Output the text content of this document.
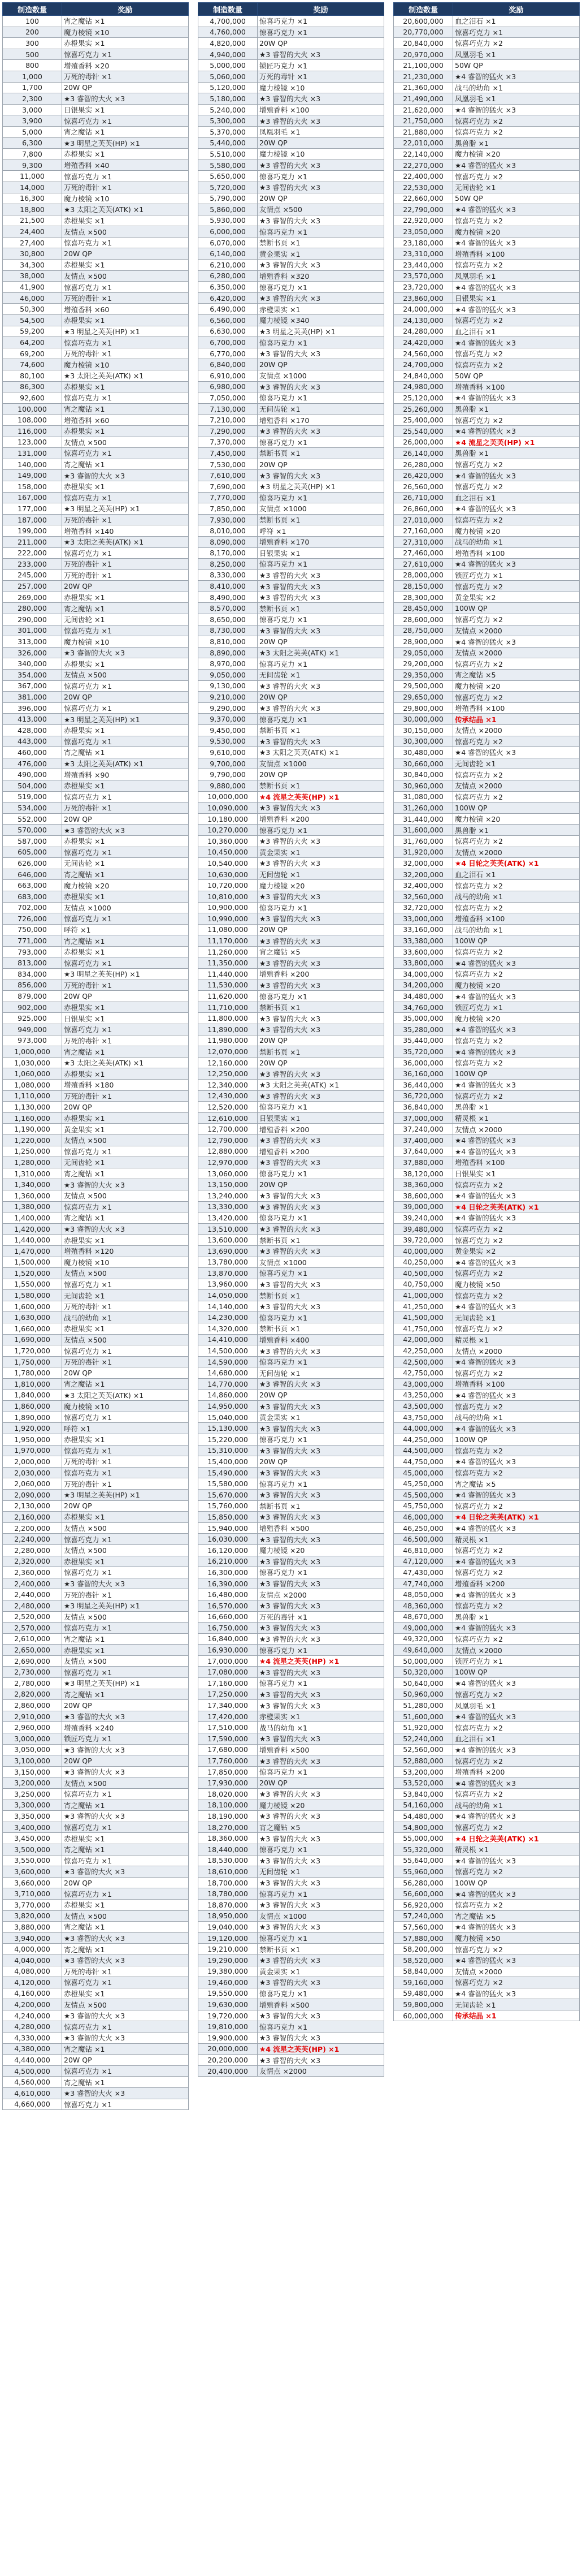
制造数量	奖励
100	宵之魔钻 ×1
200	魔力棱镜 ×10
300	赤橙果实 ×1
500	惊喜巧克力 ×1
800	增殖香料 ×20
1,000	万死的毒针 ×1
1,700	20W QP
2,300	★3 睿智的大火 ×3
3,000	日银果实 ×1
3,900	惊喜巧克力 ×1
5,000	宵之魔钻 ×1
6,300	★3 明星之芙芙(HP) ×1
7,800	赤橙果实 ×1
9,300	增殖香料 ×40
11,000	惊喜巧克力 ×1
14,000	万死的毒针 ×1
16,300	魔力棱镜 ×10
18,800	★3 太阳之芙芙(ATK) ×1
21,500	赤橙果实 ×1
24,400	友情点 ×500
27,400	惊喜巧克力 ×1
30,800	20W QP
34,300	赤橙果实 ×1
38,000	友情点 ×500
41,900	惊喜巧克力 ×1
46,000	万死的毒针 ×1
50,300	增殖香料 ×60
54,500	赤橙果实 ×1
59,200	★3 明星之芙芙(HP) ×1
64,200	惊喜巧克力 ×1
69,200	万死的毒针 ×1
74,600	魔力棱镜 ×10
80,100	★3 太阳之芙芙(ATK) ×1
86,300	赤橙果实 ×1
92,600	惊喜巧克力 ×1
100,000	宵之魔钻 ×1
108,000	增殖香料 ×60
116,000	赤橙果实 ×1
123,000	友情点 ×500
131,000	惊喜巧克力 ×1
140,000	宵之魔钻 ×1
149,000	★3 睿智的大火 ×3
158,000	赤橙果实 ×1
167,000	惊喜巧克力 ×1
177,000	★3 明星之芙芙(HP) ×1
187,000	万死的毒针 ×1
199,000	增殖香料 ×140
211,000	★3 太阳之芙芙(ATK) ×1
222,000	惊喜巧克力 ×1
233,000	万死的毒针 ×1
245,000	万死的毒针 ×1
257,000	20W QP
269,000	赤橙果实 ×1
280,000	宵之魔钻 ×1
290,000	无间齿轮 ×1
301,000	惊喜巧克力 ×1
313,000	魔力棱镜 ×10
326,000	★3 睿智的大火 ×3
340,000	赤橙果实 ×1
354,000	友情点 ×500
367,000	惊喜巧克力 ×1
381,000	20W QP
396,000	惊喜巧克力 ×1
413,000	★3 明星之芙芙(HP) ×1
428,000	赤橙果实 ×1
443,000	惊喜巧克力 ×1
460,000	宵之魔钻 ×1
476,000	★3 太阳之芙芙(ATK) ×1
490,000	增殖香料 ×90
504,000	赤橙果实 ×1
519,000	惊喜巧克力 ×1
534,000	万死的毒针 ×1
552,000	20W QP
570,000	★3 睿智的大火 ×3
587,000	赤橙果实 ×1
605,000	惊喜巧克力 ×1
626,000	无间齿轮 ×1
646,000	宵之魔钻 ×1
663,000	魔力棱镜 ×20
683,000	赤橙果实 ×1
702,000	友情点 ×1000
726,000	惊喜巧克力 ×1
750,000	呼符 ×1
771,000	宵之魔钻 ×1
793,000	赤橙果实 ×1
813,000	惊喜巧克力 ×1
834,000	★3 明星之芙芙(HP) ×1
856,000	万死的毒针 ×1
879,000	20W QP
902,000	赤橙果实 ×1
925,000	日银果实 ×1
949,000	惊喜巧克力 ×1
973,000	万死的毒针 ×1
1,000,000	宵之魔钻 ×1
1,030,000	★3 太阳之芙芙(ATK) ×1
1,060,000	赤橙果实 ×1
1,080,000	增殖香料 ×180
1,110,000	万死的毒针 ×1
1,130,000	20W QP
1,160,000	赤橙果实 ×1
1,190,000	黄金果实 ×1
1,220,000	友情点 ×500
1,250,000	惊喜巧克力 ×1
1,280,000	无间齿轮 ×1
1,310,000	宵之魔钻 ×1
1,340,000	★3 睿智的大火 ×3
1,360,000	友情点 ×500
1,380,000	惊喜巧克力 ×1
1,400,000	宵之魔钻 ×1
1,420,000	★3 睿智的大火 ×3
1,440,000	赤橙果实 ×1
1,470,000	增殖香料 ×120
1,500,000	魔力棱镜 ×10
1,520,000	友情点 ×500
1,550,000	惊喜巧克力 ×1
1,580,000	无间齿轮 ×1
1,600,000	万死的毒针 ×1
1,630,000	战马的幼角 ×1
1,660,000	赤橙果实 ×1
1,690,000	友情点 ×500
1,720,000	惊喜巧克力 ×1
1,750,000	万死的毒针 ×1
1,780,000	20W QP
1,810,000	宵之魔钻 ×1
1,840,000	★3 太阳之芙芙(ATK) ×1
1,860,000	魔力棱镜 ×10
1,890,000	惊喜巧克力 ×1
1,920,000	呼符 ×1
1,950,000	赤橙果实 ×1
1,970,000	惊喜巧克力 ×1
2,000,000	万死的毒针 ×1
2,030,000	惊喜巧克力 ×1
2,060,000	万死的毒针 ×1
2,090,000	★3 明星之芙芙(HP) ×1
2,130,000	20W QP
2,160,000	赤橙果实 ×1
2,200,000	友情点 ×500
2,240,000	惊喜巧克力 ×1
2,280,000	友情点 ×500
2,320,000	赤橙果实 ×1
2,360,000	惊喜巧克力 ×1
2,400,000	★3 睿智的大火 ×3
2,440,000	万死的毒针 ×1
2,480,000	★3 明星之芙芙(HP) ×1
2,520,000	友情点 ×500
2,570,000	惊喜巧克力 ×1
2,610,000	宵之魔钻 ×1
2,650,000	赤橙果实 ×1
2,690,000	友情点 ×500
2,730,000	惊喜巧克力 ×1
2,780,000	★3 明星之芙芙(HP) ×1
2,820,000	宵之魔钻 ×1
2,860,000	20W QP
2,910,000	★3 睿智的大火 ×3
2,960,000	增殖香料 ×240
3,000,000	锁匠巧克力 ×1
3,050,000	★3 睿智的大火 ×3
3,100,000	20W QP
3,150,000	★3 睿智的大火 ×3
3,200,000	友情点 ×500
3,250,000	惊喜巧克力 ×1
3,300,000	宵之魔钻 ×1
3,350,000	★3 睿智的大火 ×3
3,400,000	惊喜巧克力 ×1
3,450,000	赤橙果实 ×1
3,500,000	宵之魔钻 ×1
3,550,000	惊喜巧克力 ×1
3,600,000	★3 睿智的大火 ×3
3,660,000	20W QP
3,710,000	惊喜巧克力 ×1
3,770,000	赤橙果实 ×1
3,820,000	友情点 ×500
3,880,000	宵之魔钻 ×1
3,940,000	★3 睿智的大火 ×3
4,000,000	宵之魔钻 ×1
4,040,000	★3 睿智的大火 ×3
4,080,000	万死的毒针 ×1
4,120,000	惊喜巧克力 ×1
4,160,000	赤橙果实 ×1
4,200,000	友情点 ×500
4,240,000	★3 睿智的大火 ×3
4,280,000	惊喜巧克力 ×1
4,330,000	★3 睿智的大火 ×3
4,380,000	宵之魔钻 ×1
4,440,000	20W QP
4,500,000	惊喜巧克力 ×1
4,560,000	宵之魔钻 ×1
4,610,000	★3 睿智的大火 ×3
4,660,000	惊喜巧克力 ×1
制造数量	奖励
4,700,000	惊喜巧克力 ×1
4,760,000	惊喜巧克力 ×1
4,820,000	20W QP
4,940,000	★3 睿智的大火 ×3
5,000,000	锁匠巧克力 ×1
5,060,000	万死的毒针 ×1
5,120,000	魔力棱镜 ×10
5,180,000	★3 睿智的大火 ×3
5,240,000	增殖香料 ×100
5,300,000	★3 睿智的大火 ×3
5,370,000	凤凰羽毛 ×1
5,440,000	20W QP
5,510,000	魔力棱镜 ×10
5,580,000	★3 睿智的大火 ×3
5,650,000	惊喜巧克力 ×1
5,720,000	★3 睿智的大火 ×3
5,790,000	20W QP
5,860,000	友情点 ×500
5,930,000	★3 睿智的大火 ×3
6,000,000	惊喜巧克力 ×1
6,070,000	禁断书页 ×1
6,140,000	黄金果实 ×1
6,210,000	★3 睿智的大火 ×3
6,280,000	增殖香料 ×320
6,350,000	惊喜巧克力 ×1
6,420,000	★3 睿智的大火 ×3
6,490,000	赤橙果实 ×1
6,560,000	魔力棱镜 ×340
6,630,000	★3 明星之芙芙(HP) ×1
6,700,000	惊喜巧克力 ×1
6,770,000	★3 睿智的大火 ×3
6,840,000	20W QP
6,910,000	友情点 ×1000
6,980,000	★3 睿智的大火 ×3
7,050,000	惊喜巧克力 ×1
7,130,000	无间齿轮 ×1
7,210,000	增殖香料 ×170
7,290,000	★3 睿智的大火 ×3
7,370,000	惊喜巧克力 ×1
7,450,000	禁断书页 ×1
7,530,000	20W QP
7,610,000	★3 睿智的大火 ×3
7,690,000	★3 明星之芙芙(HP) ×1
7,770,000	惊喜巧克力 ×1
7,850,000	友情点 ×1000
7,930,000	禁断书页 ×1
8,010,000	呼符 ×1
8,090,000	增殖香料 ×170
8,170,000	日银果实 ×1
8,250,000	惊喜巧克力 ×1
8,330,000	★3 睿智的大火 ×3
8,410,000	★3 睿智的大火 ×3
8,490,000	★3 睿智的大火 ×3
8,570,000	禁断书页 ×1
8,650,000	惊喜巧克力 ×1
8,730,000	★3 睿智的大火 ×3
8,810,000	20W QP
8,890,000	★3 太阳之芙芙(ATK) ×1
8,970,000	惊喜巧克力 ×1
9,050,000	无间齿轮 ×1
9,130,000	★3 睿智的大火 ×3
9,210,000	20W QP
9,290,000	★3 睿智的大火 ×3
9,370,000	惊喜巧克力 ×1
9,450,000	禁断书页 ×1
9,530,000	★3 睿智的大火 ×3
9,610,000	★3 太阳之芙芙(ATK) ×1
9,700,000	友情点 ×1000
9,790,000	20W QP
9,880,000	禁断书页 ×1
10,000,000	★4 流星之芙芙(HP) ×1
10,090,000	★3 睿智的大火 ×3
10,180,000	增殖香料 ×200
10,270,000	惊喜巧克力 ×1
10,360,000	★3 睿智的大火 ×3
10,450,000	黄金果实 ×1
10,540,000	★3 睿智的大火 ×3
10,630,000	无间齿轮 ×1
10,720,000	魔力棱镜 ×20
10,810,000	★3 睿智的大火 ×3
10,900,000	惊喜巧克力 ×1
10,990,000	★3 睿智的大火 ×3
11,080,000	20W QP
11,170,000	★3 睿智的大火 ×3
11,260,000	宵之魔钻 ×5
11,350,000	★3 睿智的大火 ×3
11,440,000	增殖香料 ×200
11,530,000	★3 睿智的大火 ×3
11,620,000	惊喜巧克力 ×1
11,710,000	禁断书页 ×1
11,800,000	★3 睿智的大火 ×3
11,890,000	★3 睿智的大火 ×3
11,980,000	20W QP
12,070,000	禁断书页 ×1
12,160,000	20W QP
12,250,000	★3 睿智的大火 ×3
12,340,000	★3 太阳之芙芙(ATK) ×1
12,430,000	★3 睿智的大火 ×3
12,520,000	惊喜巧克力 ×1
12,610,000	日银果实 ×1
12,700,000	增殖香料 ×200
12,790,000	★3 睿智的大火 ×3
12,880,000	增殖香料 ×200
12,970,000	★3 睿智的大火 ×3
13,060,000	惊喜巧克力 ×1
13,150,000	20W QP
13,240,000	★3 睿智的大火 ×3
13,330,000	★3 睿智的大火 ×3
13,420,000	惊喜巧克力 ×1
13,510,000	★3 睿智的大火 ×3
13,600,000	禁断书页 ×1
13,690,000	★3 睿智的大火 ×3
13,780,000	友情点 ×1000
13,870,000	惊喜巧克力 ×1
13,960,000	★3 睿智的大火 ×3
14,050,000	禁断书页 ×1
14,140,000	★3 睿智的大火 ×3
14,230,000	惊喜巧克力 ×1
14,320,000	禁断书页 ×1
14,410,000	增殖香料 ×400
14,500,000	★3 睿智的大火 ×3
14,590,000	惊喜巧克力 ×1
14,680,000	无间齿轮 ×1
14,770,000	★3 睿智的大火 ×3
14,860,000	20W QP
14,950,000	★3 睿智的大火 ×3
15,040,000	黄金果实 ×1
15,130,000	★3 睿智的大火 ×3
15,220,000	惊喜巧克力 ×1
15,310,000	★3 睿智的大火 ×3
15,400,000	20W QP
15,490,000	★3 睿智的大火 ×3
15,580,000	惊喜巧克力 ×1
15,670,000	★3 睿智的大火 ×3
15,760,000	禁断书页 ×1
15,850,000	★3 睿智的大火 ×3
15,940,000	增殖香料 ×500
16,030,000	★3 睿智的大火 ×3
16,120,000	魔力棱镜 ×20
16,210,000	★3 睿智的大火 ×3
16,300,000	惊喜巧克力 ×1
16,390,000	★3 睿智的大火 ×3
16,480,000	友情点 ×2000
16,570,000	★3 睿智的大火 ×3
16,660,000	万死的毒针 ×1
16,750,000	★3 睿智的大火 ×3
16,840,000	★3 睿智的大火 ×3
16,930,000	惊喜巧克力 ×1
17,000,000	★4 流星之芙芙(HP) ×1
17,080,000	★3 睿智的大火 ×3
17,160,000	惊喜巧克力 ×1
17,250,000	★3 睿智的大火 ×3
17,340,000	★3 睿智的大火 ×3
17,420,000	赤橙果实 ×1
17,510,000	战马的幼角 ×1
17,590,000	★3 睿智的大火 ×3
17,680,000	增殖香料 ×500
17,760,000	★3 睿智的大火 ×3
17,850,000	惊喜巧克力 ×1
17,930,000	20W QP
18,020,000	★3 睿智的大火 ×3
18,100,000	魔力棱镜 ×20
18,190,000	★3 睿智的大火 ×3
18,270,000	宵之魔钻 ×5
18,360,000	★3 睿智的大火 ×3
18,440,000	惊喜巧克力 ×1
18,530,000	★3 睿智的大火 ×3
18,610,000	无间齿轮 ×1
18,700,000	★3 睿智的大火 ×3
18,780,000	惊喜巧克力 ×1
18,870,000	★3 睿智的大火 ×3
18,950,000	友情点 ×1000
19,040,000	★3 睿智的大火 ×3
19,120,000	惊喜巧克力 ×1
19,210,000	禁断书页 ×1
19,290,000	★3 睿智的大火 ×3
19,380,000	黄金果实 ×1
19,460,000	★3 睿智的大火 ×3
19,550,000	惊喜巧克力 ×1
19,630,000	增殖香料 ×500
19,720,000	★3 睿智的大火 ×3
19,810,000	惊喜巧克力 ×1
19,900,000	★3 睿智的大火 ×3
20,000,000	★4 流星之芙芙(HP) ×1
20,200,000	★3 睿智的大火 ×3
20,400,000	友情点 ×2000
制造数量	奖励
20,600,000	血之泪石 ×1
20,770,000	惊喜巧克力 ×1
20,840,000	惊喜巧克力 ×2
20,970,000	凤凰羽毛 ×1
21,100,000	50W QP
21,230,000	★4 睿智的猛火 ×3
21,360,000	战马的幼角 ×1
21,490,000	凤凰羽毛 ×1
21,620,000	★4 睿智的猛火 ×3
21,750,000	惊喜巧克力 ×2
21,880,000	惊喜巧克力 ×2
22,010,000	黑兽脂 ×1
22,140,000	魔力棱镜 ×20
22,270,000	★4 睿智的猛火 ×3
22,400,000	惊喜巧克力 ×2
22,530,000	无间齿轮 ×1
22,660,000	50W QP
22,790,000	★4 睿智的猛火 ×3
22,920,000	惊喜巧克力 ×2
23,050,000	魔力棱镜 ×20
23,180,000	★4 睿智的猛火 ×3
23,310,000	增殖香料 ×100
23,440,000	惊喜巧克力 ×2
23,570,000	凤凰羽毛 ×1
23,720,000	★4 睿智的猛火 ×3
23,860,000	日银果实 ×1
24,000,000	★4 睿智的猛火 ×3
24,130,000	惊喜巧克力 ×2
24,280,000	血之泪石 ×1
24,420,000	★4 睿智的猛火 ×3
24,560,000	惊喜巧克力 ×2
24,700,000	惊喜巧克力 ×2
24,840,000	50W QP
24,980,000	增殖香料 ×100
25,120,000	★4 睿智的猛火 ×3
25,260,000	黑兽脂 ×1
25,400,000	惊喜巧克力 ×2
25,540,000	★4 睿智的猛火 ×3
26,000,000	★4 流星之芙芙(HP) ×1
26,140,000	黑兽脂 ×1
26,280,000	惊喜巧克力 ×2
26,420,000	★4 睿智的猛火 ×3
26,560,000	惊喜巧克力 ×2
26,710,000	血之泪石 ×1
26,860,000	★4 睿智的猛火 ×3
27,010,000	惊喜巧克力 ×2
27,160,000	魔力棱镜 ×20
27,310,000	战马的幼角 ×1
27,460,000	增殖香料 ×100
27,610,000	★4 睿智的猛火 ×3
28,000,000	锁匠巧克力 ×1
28,150,000	惊喜巧克力 ×2
28,300,000	黄金果实 ×2
28,450,000	100W QP
28,600,000	惊喜巧克力 ×2
28,750,000	友情点 ×2000
28,900,000	★4 睿智的猛火 ×3
29,050,000	友情点 ×2000
29,200,000	惊喜巧克力 ×2
29,350,000	宵之魔钻 ×5
29,500,000	魔力棱镜 ×20
29,650,000	惊喜巧克力 ×2
29,800,000	增殖香料 ×100
30,000,000	传承结晶 ×1
30,150,000	友情点 ×2000
30,300,000	惊喜巧克力 ×2
30,480,000	★4 睿智的猛火 ×3
30,660,000	无间齿轮 ×1
30,840,000	惊喜巧克力 ×2
30,960,000	友情点 ×2000
31,080,000	惊喜巧克力 ×2
31,260,000	100W QP
31,440,000	魔力棱镜 ×20
31,600,000	黑兽脂 ×1
31,760,000	惊喜巧克力 ×2
31,920,000	友情点 ×2000
32,000,000	★4 日轮之芙芙(ATK) ×1
32,200,000	血之泪石 ×1
32,400,000	惊喜巧克力 ×2
32,560,000	战马的幼角 ×1
32,720,000	惊喜巧克力 ×2
33,000,000	增殖香料 ×100
33,160,000	战马的幼角 ×1
33,380,000	100W QP
33,600,000	惊喜巧克力 ×2
33,800,000	★4 睿智的猛火 ×3
34,000,000	惊喜巧克力 ×2
34,200,000	魔力棱镜 ×20
34,480,000	★4 睿智的猛火 ×3
34,760,000	锁匠巧克力 ×1
35,000,000	魔力棱镜 ×20
35,280,000	★4 睿智的猛火 ×3
35,440,000	惊喜巧克力 ×2
35,720,000	★4 睿智的猛火 ×3
36,000,000	惊喜巧克力 ×2
36,160,000	100W QP
36,440,000	★4 睿智的猛火 ×3
36,720,000	惊喜巧克力 ×2
36,840,000	黑兽脂 ×1
37,000,000	精灵根 ×1
37,240,000	友情点 ×2000
37,400,000	★4 睿智的猛火 ×3
37,640,000	★4 睿智的猛火 ×3
37,880,000	增殖香料 ×100
38,120,000	日银果实 ×1
38,360,000	惊喜巧克力 ×2
38,600,000	★4 睿智的猛火 ×3
39,000,000	★4 日轮之芙芙(ATK) ×1
39,240,000	★4 睿智的猛火 ×3
39,480,000	惊喜巧克力 ×2
39,720,000	惊喜巧克力 ×2
40,000,000	黄金果实 ×2
40,250,000	★4 睿智的猛火 ×3
40,500,000	惊喜巧克力 ×2
40,750,000	魔力棱镜 ×50
41,000,000	惊喜巧克力 ×2
41,250,000	★4 睿智的猛火 ×3
41,500,000	无间齿轮 ×1
41,750,000	惊喜巧克力 ×2
42,000,000	精灵根 ×1
42,250,000	友情点 ×2000
42,500,000	★4 睿智的猛火 ×3
42,750,000	惊喜巧克力 ×2
43,000,000	增殖香料 ×100
43,250,000	★4 睿智的猛火 ×3
43,500,000	惊喜巧克力 ×2
43,750,000	战马的幼角 ×1
44,000,000	★4 睿智的猛火 ×3
44,250,000	100W QP
44,500,000	惊喜巧克力 ×2
44,750,000	★4 睿智的猛火 ×3
45,000,000	惊喜巧克力 ×2
45,250,000	宵之魔钻 ×5
45,500,000	★4 睿智的猛火 ×3
45,750,000	惊喜巧克力 ×2
46,000,000	★4 日轮之芙芙(ATK) ×1
46,250,000	★4 睿智的猛火 ×3
46,500,000	精灵根 ×1
46,810,000	惊喜巧克力 ×2
47,120,000	★4 睿智的猛火 ×3
47,430,000	惊喜巧克力 ×2
47,740,000	增殖香料 ×200
48,050,000	★4 睿智的猛火 ×3
48,360,000	惊喜巧克力 ×2
48,670,000	黑兽脂 ×1
49,000,000	★4 睿智的猛火 ×3
49,320,000	惊喜巧克力 ×2
49,640,000	友情点 ×2000
50,000,000	锁匠巧克力 ×1
50,320,000	100W QP
50,640,000	★4 睿智的猛火 ×3
50,960,000	惊喜巧克力 ×2
51,280,000	凤凰羽毛 ×1
51,600,000	★4 睿智的猛火 ×3
51,920,000	惊喜巧克力 ×2
52,240,000	血之泪石 ×1
52,560,000	★4 睿智的猛火 ×3
52,880,000	惊喜巧克力 ×2
53,200,000	增殖香料 ×200
53,520,000	★4 睿智的猛火 ×3
53,840,000	惊喜巧克力 ×2
54,160,000	战马的幼角 ×1
54,480,000	★4 睿智的猛火 ×3
54,800,000	惊喜巧克力 ×2
55,000,000	★4 日轮之芙芙(ATK) ×1
55,320,000	精灵根 ×1
55,640,000	★4 睿智的猛火 ×3
55,960,000	惊喜巧克力 ×2
56,280,000	100W QP
56,600,000	★4 睿智的猛火 ×3
56,920,000	惊喜巧克力 ×2
57,240,000	宵之魔钻 ×5
57,560,000	★4 睿智的猛火 ×3
57,880,000	魔力棱镜 ×50
58,200,000	惊喜巧克力 ×2
58,520,000	★4 睿智的猛火 ×3
58,840,000	友情点 ×2000
59,160,000	惊喜巧克力 ×2
59,480,000	★4 睿智的猛火 ×3
59,800,000	无间齿轮 ×1
60,000,000	传承结晶 ×1
